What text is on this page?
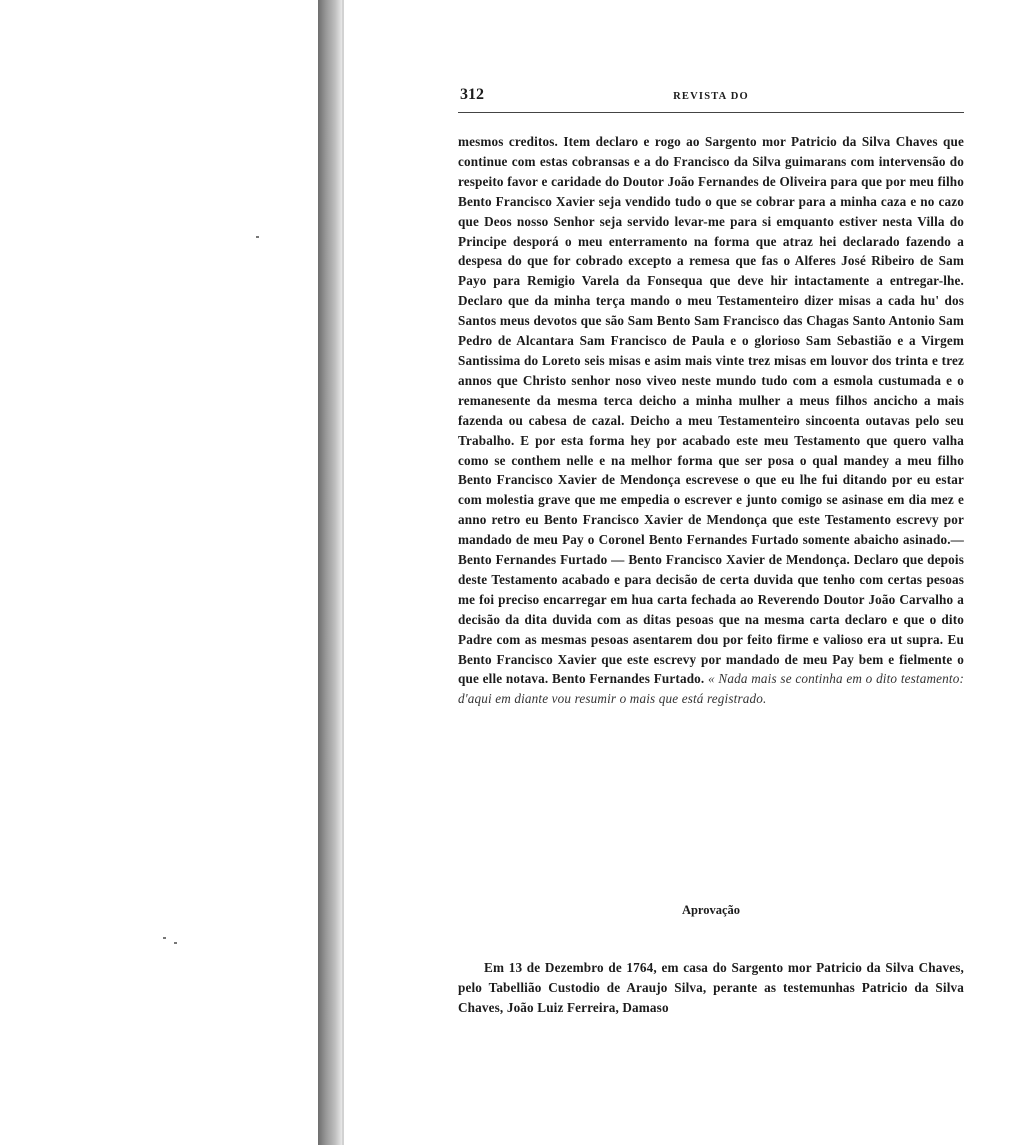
312	REVISTA DO
mesmos creditos. Item declaro e rogo ao Sargento mor Patricio da Silva Chaves que continue com estas cobransas e a do Francisco da Silva guimarans com intervensão do respeito favor e caridade do Doutor João Fernandes de Oliveira para que por meu filho Bento Francisco Xavier seja vendido tudo o que se cobrar para a minha caza e no cazo que Deos nosso Senhor seja servido levar-me para si emquanto estiver nesta Villa do Principe desporá o meu enterramento na forma que atraz hei declarado fazendo a despesa do que for cobrado excepto a remesa que fas o Alferes José Ribeiro de Sam Payo para Remigio Varela da Fonsequa que deve hir intactamente a entregar-lhe. Declaro que da minha terça mando o meu Testamenteiro dizer misas a cada hu' dos Santos meus devotos que são Sam Bento Sam Francisco das Chagas Santo Antonio Sam Pedro de Alcantara Sam Francisco de Paula e o glorioso Sam Sebastião e a Virgem Santissima do Loreto seis misas e asim mais vinte trez misas em louvor dos trinta e trez annos que Christo senhor noso viveo neste mundo tudo com a esmola custumada e o remanesente da mesma terca deicho a minha mulher a meus filhos ancicho a mais fazenda ou cabesa de cazal. Deicho a meu Testamenteiro sincoenta outavas pelo seu Trabalho. E por esta forma hey por acabado este meu Testamento que quero valha como se conthem nelle e na melhor forma que ser posa o qual mandey a meu filho Bento Francisco Xavier de Mendonça escrevese o que eu lhe fui ditando por eu estar com molestia grave que me empedia o escrever e junto comigo se asinase em dia mez e anno retro eu Bento Francisco Xavier de Mendonça que este Testamento escrevy por mandado de meu Pay o Coronel Bento Fernandes Furtado somente abaicho asinado.— Bento Fernandes Furtado — Bento Francisco Xavier de Mendonça. Declaro que depois deste Testamento acabado e para decisão de certa duvida que tenho com certas pesoas me foi preciso encarregar em hua carta fechada ao Reverendo Doutor João Carvalho a decisão da dita duvida com as ditas pesoas que na mesma carta declaro e que o dito Padre com as mesmas pesoas asentarem dou por feito firme e valioso era ut supra. Eu Bento Francisco Xavier que este escrevy por mandado de meu Pay bem e fielmente o que elle notava. Bento Fernandes Furtado. « Nada mais se continha em o dito testamento: d'aqui em diante vou resumir o mais que está registrado.
Aprovação
Em 13 de Dezembro de 1764, em casa do Sargento mor Patricio da Silva Chaves, pelo Tabellião Custodio de Araujo Silva, perante as testemunhas Patricio da Silva Chaves, João Luiz Ferreira, Damaso
